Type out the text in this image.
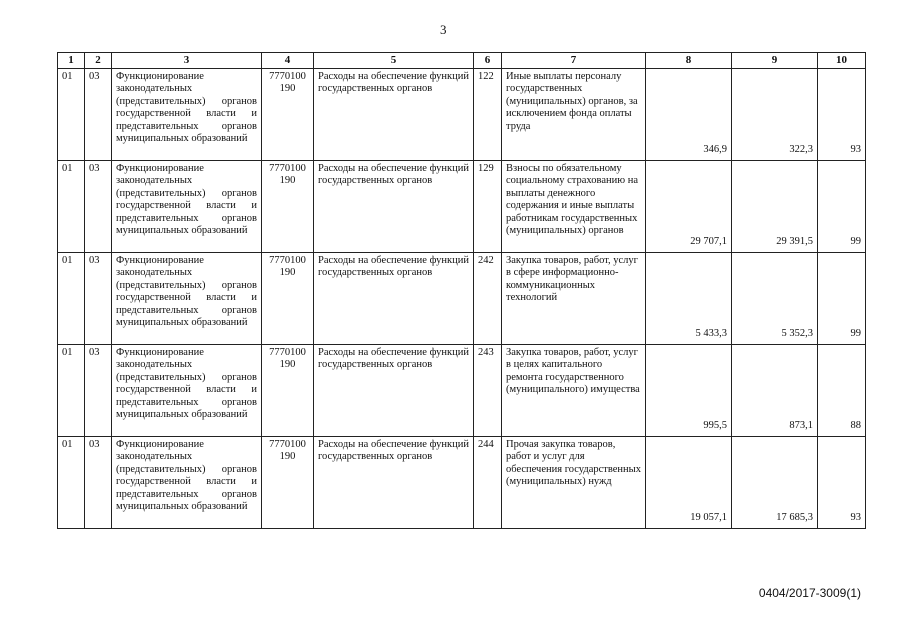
3
1	2	3	4	5	6	7	8	9	10
01	03	Функционирование законодательных (представительных) органов государственной власти и представительных органов муниципальных образований	7770100 190	Расходы на обеспечение функций государственных органов	122	Иные выплаты персоналу государственных (муниципальных) органов, за исключением фонда оплаты труда	346,9	322,3	93
01	03	Функционирование законодательных (представительных) органов государственной власти и представительных органов муниципальных образований	7770100 190	Расходы на обеспечение функций государственных органов	129	Взносы по обязательному социальному страхованию на выплаты денежного содержания и иные выплаты работникам государственных (муниципальных) органов	29 707,1	29 391,5	99
01	03	Функционирование законодательных (представительных) органов государственной власти и представительных органов муниципальных образований	7770100 190	Расходы на обеспечение функций государственных органов	242	Закупка товаров, работ, услуг в сфере информационно-коммуникационных технологий	5 433,3	5 352,3	99
01	03	Функционирование законодательных (представительных) органов государственной власти и представительных органов муниципальных образований	7770100 190	Расходы на обеспечение функций государственных органов	243	Закупка товаров, работ, услуг в целях капитального ремонта государственного (муниципального) имущества	995,5	873,1	88
01	03	Функционирование законодательных (представительных) органов государственной власти и представительных органов муниципальных образований	7770100 190	Расходы на обеспечение функций государственных органов	244	Прочая закупка товаров, работ и услуг для обеспечения государственных (муниципальных) нужд	19 057,1	17 685,3	93
0404/2017-3009(1)
